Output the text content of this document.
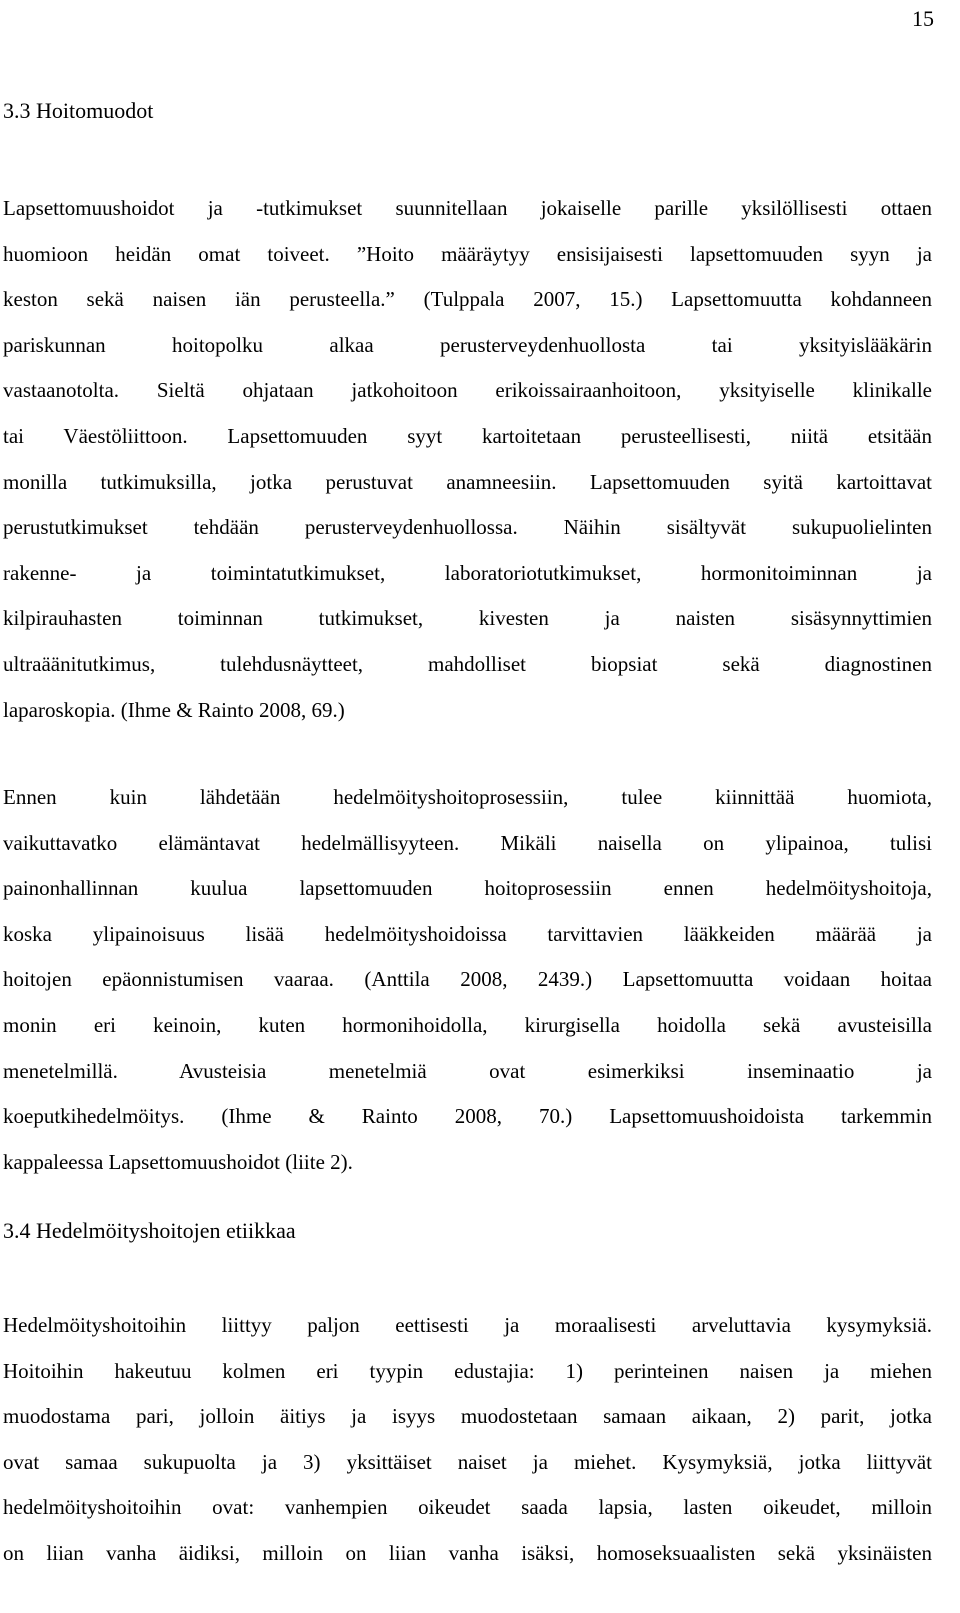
15
3.3 Hoitomuodot
Lapsettomuushoidot ja -tutkimukset suunnitellaan jokaiselle parille yksilöllisesti ottaen
huomioon heidän omat toiveet. ”Hoito määräytyy ensisijaisesti lapsettomuuden syyn ja
keston sekä naisen iän perusteella.” (Tulppala 2007, 15.) Lapsettomuutta kohdanneen
pariskunnan hoitopolku alkaa perusterveydenhuollosta tai yksityislääkärin
vastaanotolta. Sieltä ohjataan jatkohoitoon erikoissairaanhoitoon, yksityiselle klinikalle
tai Väestöliittoon. Lapsettomuuden syyt kartoitetaan perusteellisesti, niitä etsitään
monilla tutkimuksilla, jotka perustuvat anamneesiin. Lapsettomuuden syitä kartoittavat
perustutkimukset tehdään perusterveydenhuollossa. Näihin sisältyvät sukupuolielinten
rakenne- ja toimintatutkimukset, laboratoriotutkimukset, hormonitoiminnan ja
kilpirauhasten toiminnan tutkimukset, kivesten ja naisten sisäsynnyttimien
ultraäänitutkimus, tulehdusnäytteet, mahdolliset biopsiat sekä diagnostinen
laparoskopia. (Ihme & Rainto 2008, 69.)
Ennen kuin lähdetään hedelmöityshoitoprosessiin, tulee kiinnittää huomiota,
vaikuttavatko elämäntavat hedelmällisyyteen. Mikäli naisella on ylipainoa, tulisi
painonhallinnan kuulua lapsettomuuden hoitoprosessiin ennen hedelmöityshoitoja,
koska ylipainoisuus lisää hedelmöityshoidoissa tarvittavien lääkkeiden määrää ja
hoitojen epäonnistumisen vaaraa. (Anttila 2008, 2439.) Lapsettomuutta voidaan hoitaa
monin eri keinoin, kuten hormonihoidolla, kirurgisella hoidolla sekä avusteisilla
menetelmillä. Avusteisia menetelmiä ovat esimerkiksi inseminaatio ja
koeputkihedelmöitys. (Ihme & Rainto 2008, 70.) Lapsettomuushoidoista tarkemmin
kappaleessa Lapsettomuushoidot (liite 2).
3.4 Hedelmöityshoitojen etiikkaa
Hedelmöityshoitoihin liittyy paljon eettisesti ja moraalisesti arveluttavia kysymyksiä.
Hoitoihin hakeutuu kolmen eri tyypin edustajia: 1) perinteinen naisen ja miehen
muodostama pari, jolloin äitiys ja isyys muodostetaan samaan aikaan, 2) parit, jotka
ovat samaa sukupuolta ja 3) yksittäiset naiset ja miehet. Kysymyksiä, jotka liittyvät
hedelmöityshoitoihin ovat: vanhempien oikeudet saada lapsia, lasten oikeudet, milloin
on liian vanha äidiksi, milloin on liian vanha isäksi, homoseksuaalisten sekä yksinäisten
